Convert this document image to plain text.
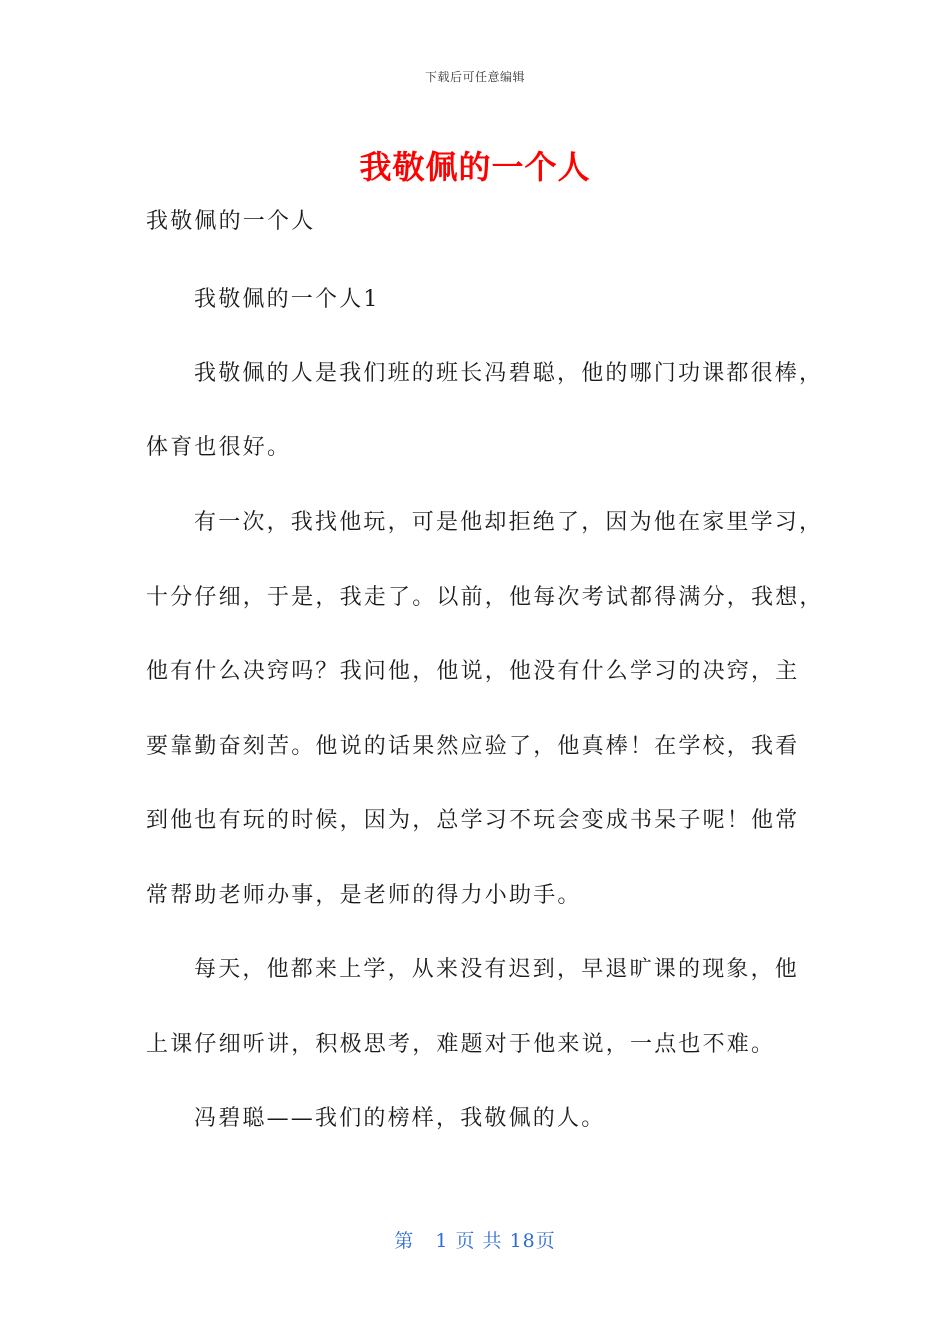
下载后可任意编辑
我敬佩的一个人
我敬佩的一个人
我敬佩的一个人1
我敬佩的人是我们班的班长冯碧聪，他的哪门功课都很棒，
体育也很好。
有一次，我找他玩，可是他却拒绝了，因为他在家里学习，
十分仔细，于是，我走了。以前，他每次考试都得满分，我想，
他有什么决窍吗？我问他，他说，他没有什么学习的决窍，主
要靠勤奋刻苦。他说的话果然应验了，他真棒！在学校，我看
到他也有玩的时候，因为，总学习不玩会变成书呆子呢！他常
常帮助老师办事，是老师的得力小助手。
每天，他都来上学，从来没有迟到，早退旷课的现象，他
上课仔细听讲，积极思考，难题对于他来说，一点也不难。
冯碧聪——我们的榜样，我敬佩的人。
第 1 页 共 18页
